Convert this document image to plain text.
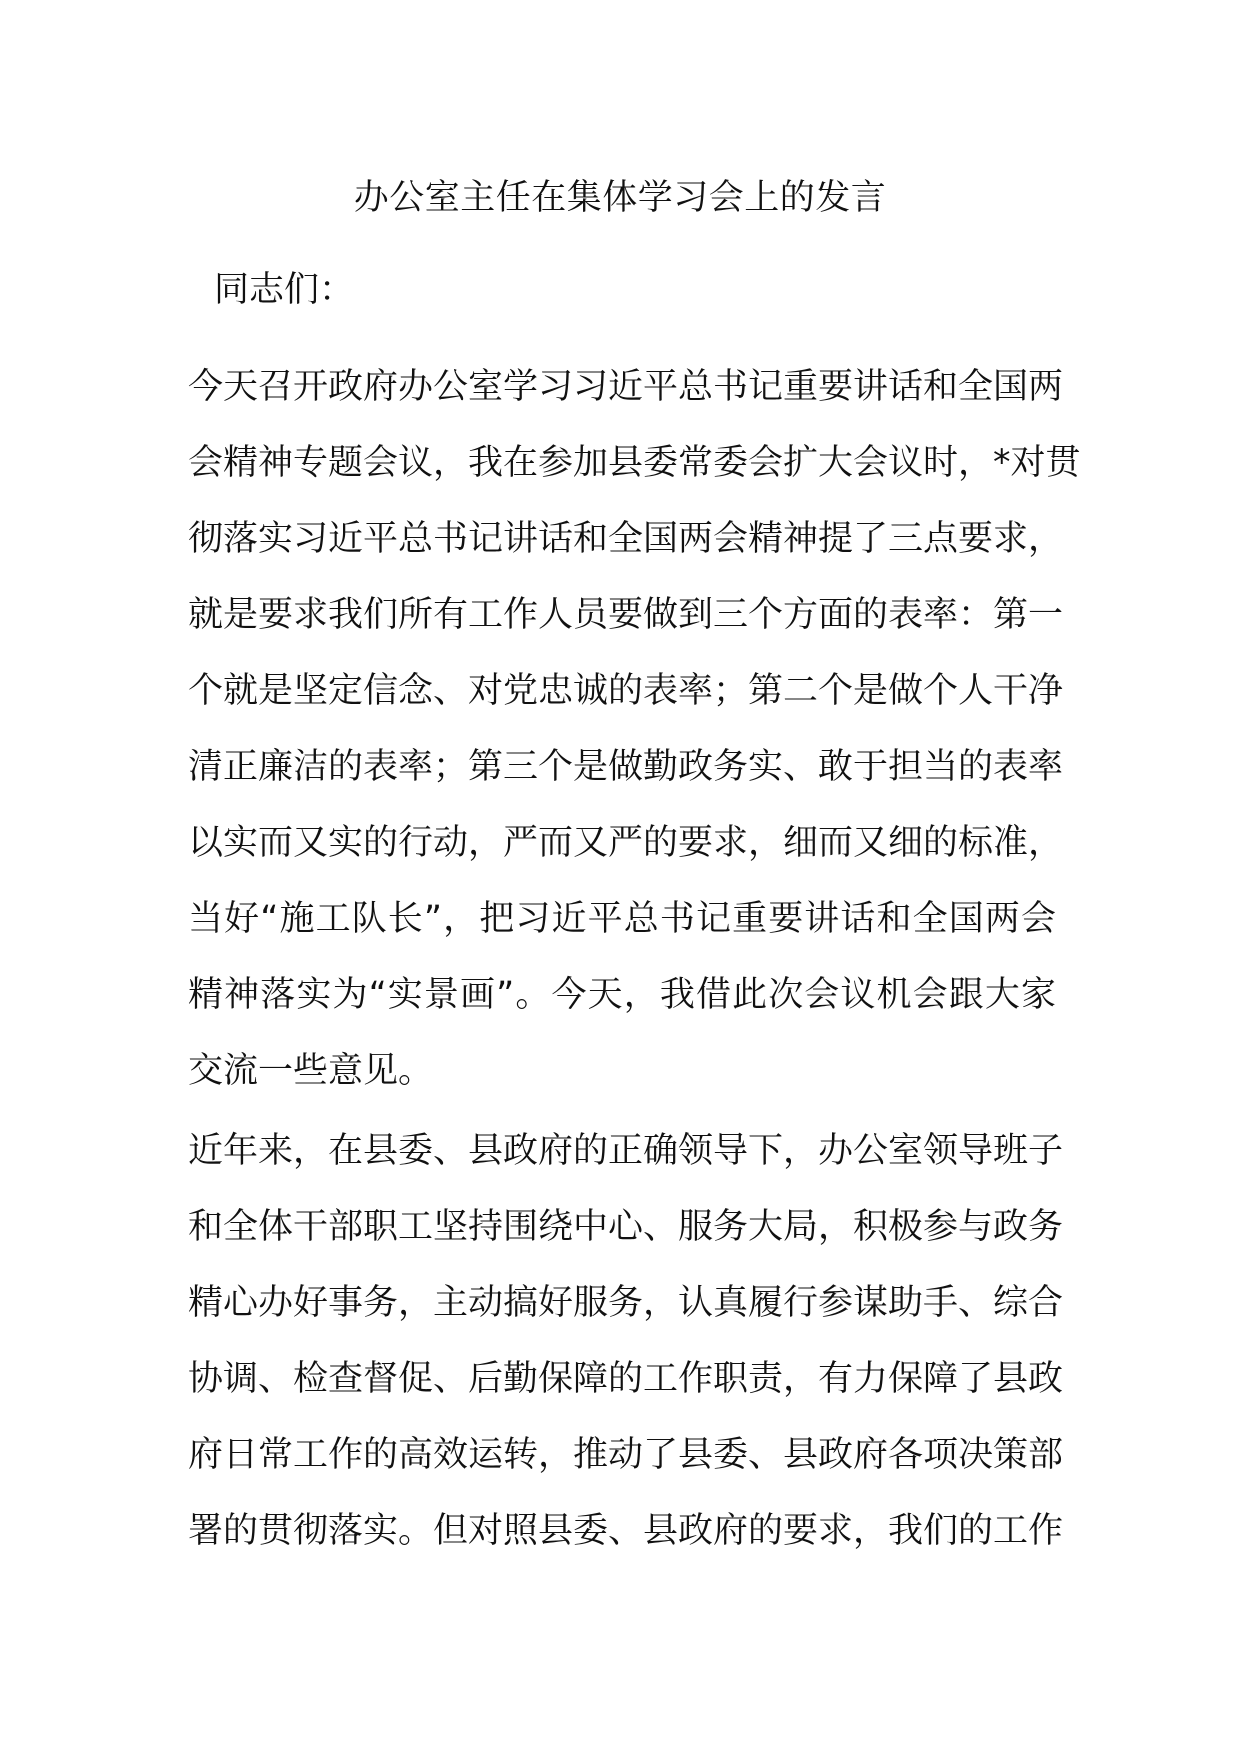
办公室主任在集体学习会上的发言

同志们：

今天召开政府办公室学习习近平总书记重要讲话和全国两
会精神专题会议，我在参加县委常委会扩大会议时，*对贯
彻落实习近平总书记讲话和全国两会精神提了三点要求，
就是要求我们所有工作人员要做到三个方面的表率：第一
个就是坚定信念、对党忠诚的表率；第二个是做个人干净
清正廉洁的表率；第三个是做勤政务实、敢于担当的表率
以实而又实的行动，严而又严的要求，细而又细的标准，
当好“施工队长”，把习近平总书记重要讲话和全国两会
精神落实为“实景画”。今天，我借此次会议机会跟大家
交流一些意见。
近年来，在县委、县政府的正确领导下，办公室领导班子
和全体干部职工坚持围绕中心、服务大局，积极参与政务
精心办好事务，主动搞好服务，认真履行参谋助手、综合
协调、检查督促、后勤保障的工作职责，有力保障了县政
府日常工作的高效运转，推动了县委、县政府各项决策部
署的贯彻落实。但对照县委、县政府的要求，我们的工作
